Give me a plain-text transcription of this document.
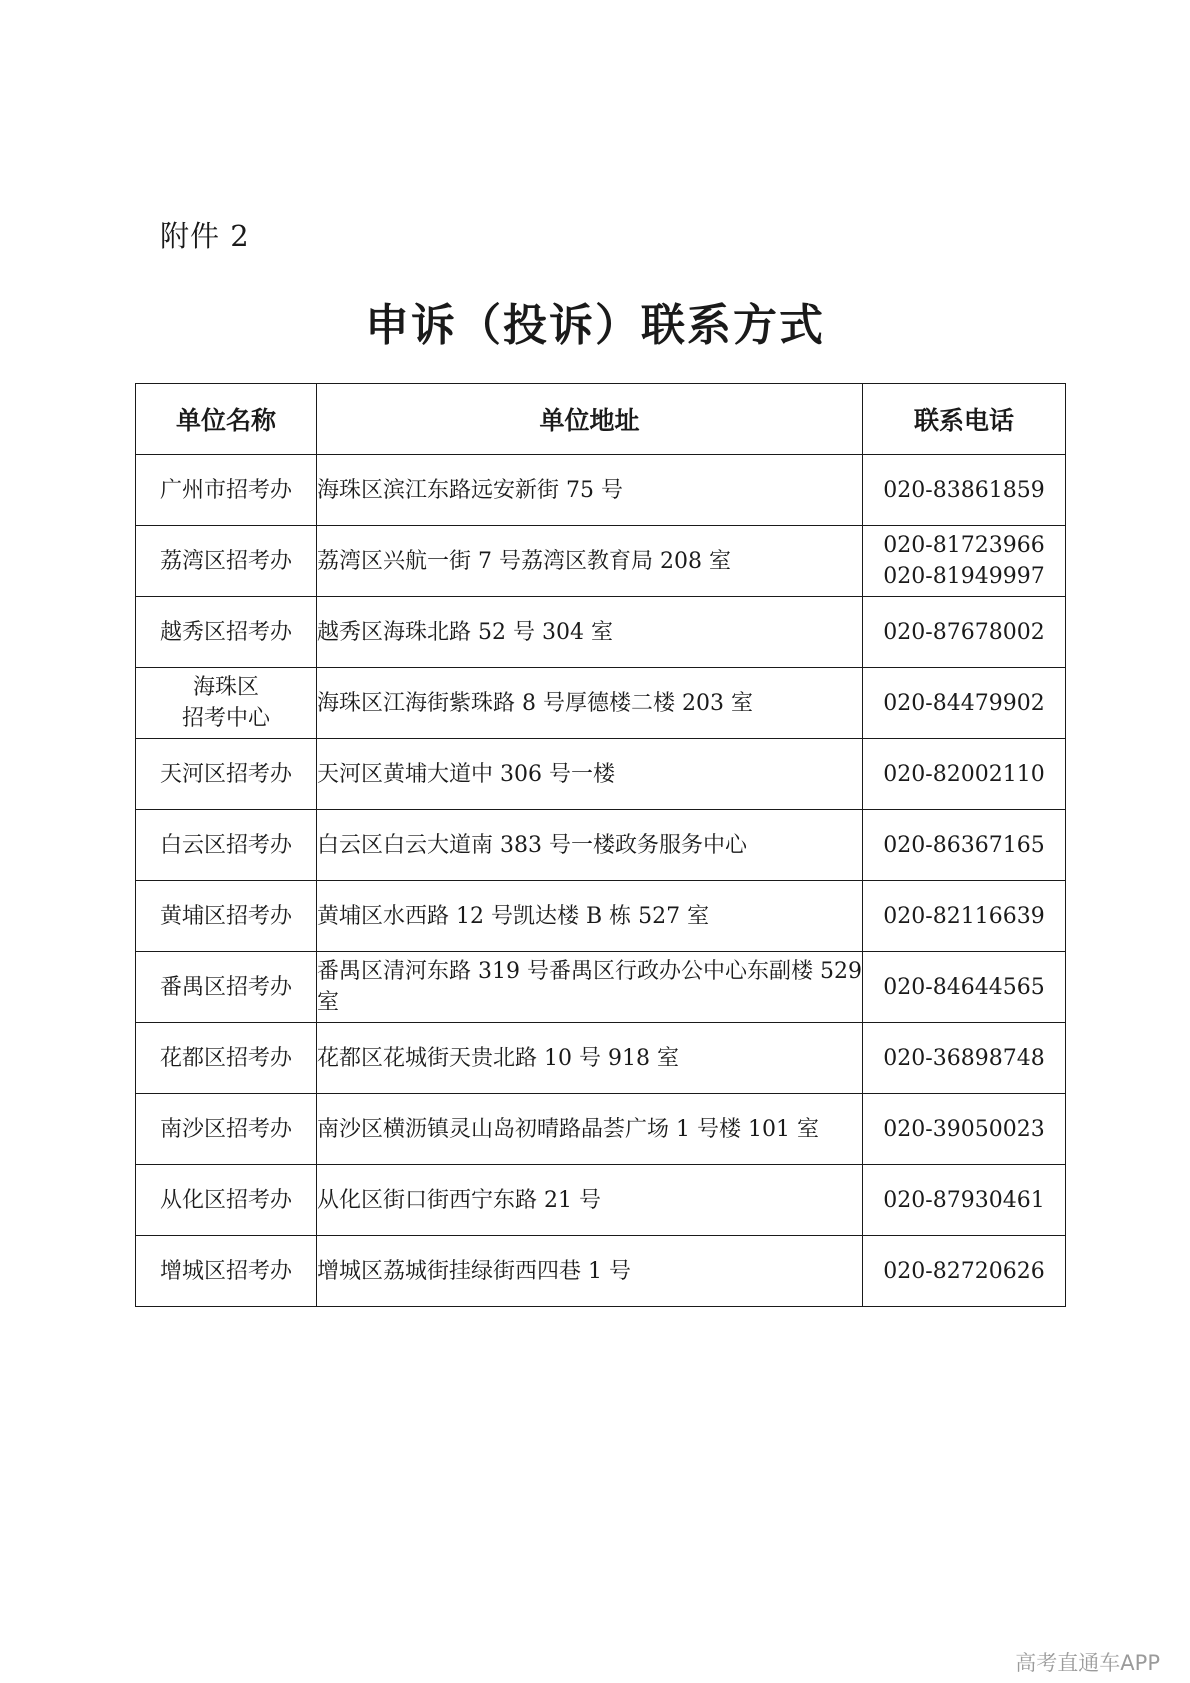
附件 2
申诉（投诉）联系方式
单位名称	单位地址	联系电话
广州市招考办	海珠区滨江东路远安新街 75 号	020-83861859

荔湾区招考办	荔湾区兴航一街 7 号荔湾区教育局 208 室	020-81723966
020-81949997

越秀区招考办	越秀区海珠北路 52 号 304 室	020-87678002

海珠区
招考中心	海珠区江海街紫珠路 8 号厚德楼二楼 203 室	020-84479902

天河区招考办	天河区黄埔大道中 306 号一楼	020-82002110

白云区招考办	白云区白云大道南 383 号一楼政务服务中心	020-86367165

黄埔区招考办	黄埔区水西路 12 号凯达楼 B 栋 527 室	020-82116639

番禺区招考办	番禺区清河东路 319 号番禺区行政办公中心东副楼 529 室	020-84644565

花都区招考办	花都区花城街天贵北路 10 号 918 室	020-36898748

南沙区招考办	南沙区横沥镇灵山岛初晴路晶荟广场 1 号楼 101 室	020-39050023

从化区招考办	从化区街口街西宁东路 21 号	020-87930461

增城区招考办	增城区荔城街挂绿街西四巷 1 号	020-82720626
高考直通车APP
